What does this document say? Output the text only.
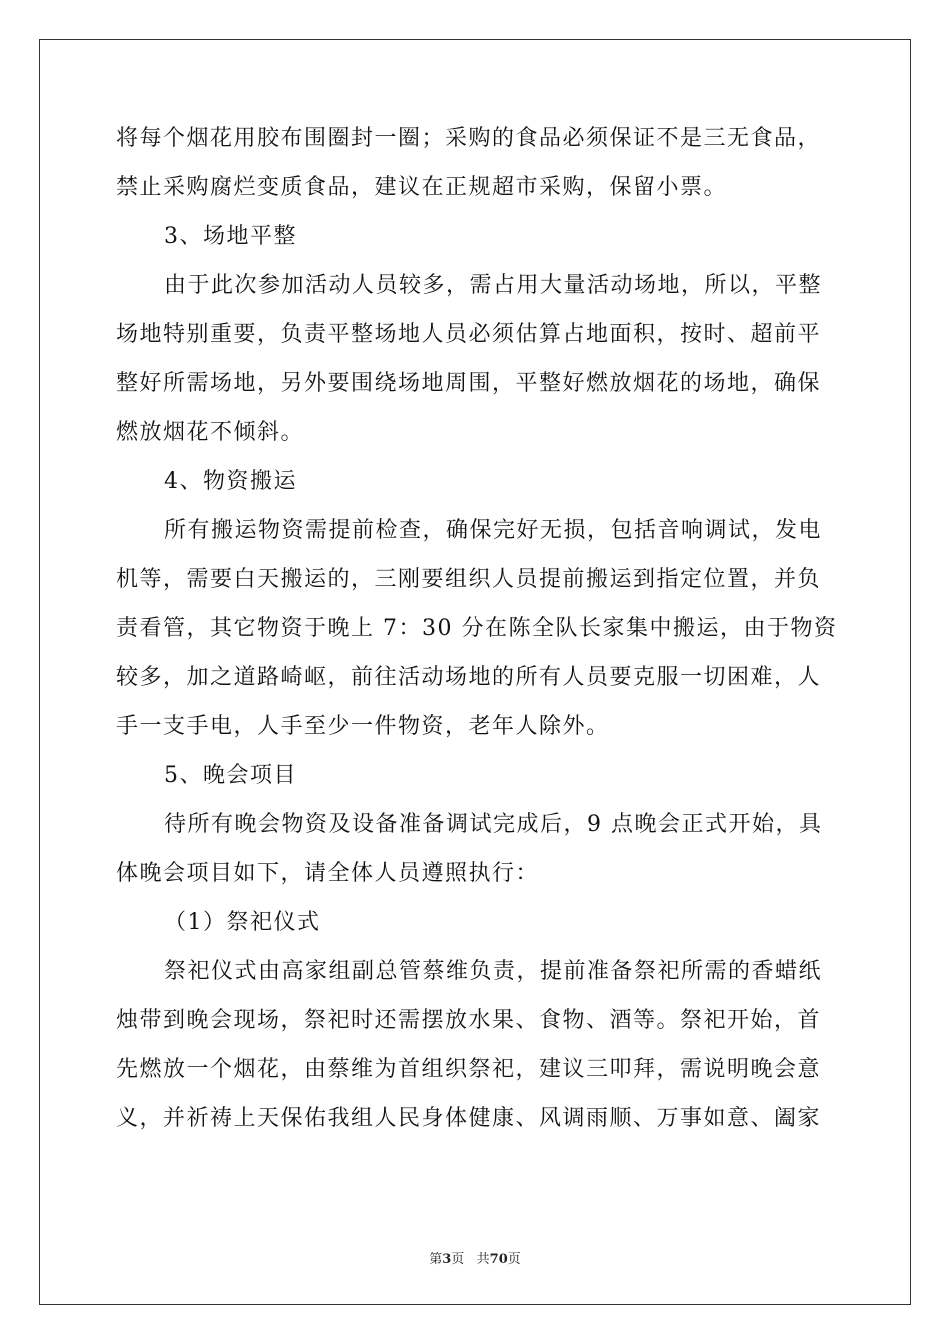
将每个烟花用胶布围圈封一圈；采购的食品必须保证不是三无食品，
禁止采购腐烂变质食品，建议在正规超市采购，保留小票。
3、场地平整
由于此次参加活动人员较多，需占用大量活动场地，所以，平整
场地特别重要，负责平整场地人员必须估算占地面积，按时、超前平
整好所需场地，另外要围绕场地周围，平整好燃放烟花的场地，确保
燃放烟花不倾斜。
4、物资搬运
所有搬运物资需提前检查，确保完好无损，包括音响调试，发电
机等，需要白天搬运的，三刚要组织人员提前搬运到指定位置，并负
责看管，其它物资于晚上 7：30 分在陈全队长家集中搬运，由于物资
较多，加之道路崎岖，前往活动场地的所有人员要克服一切困难，人
手一支手电，人手至少一件物资，老年人除外。
5、晚会项目
待所有晚会物资及设备准备调试完成后，9 点晚会正式开始，具
体晚会项目如下，请全体人员遵照执行：
（1）祭祀仪式
祭祀仪式由高家组副总管蔡维负责，提前准备祭祀所需的香蜡纸
烛带到晚会现场，祭祀时还需摆放水果、食物、酒等。祭祀开始，首
先燃放一个烟花，由蔡维为首组织祭祀，建议三叩拜，需说明晚会意
义，并祈祷上天保佑我组人民身体健康、风调雨顺、万事如意、阖家
第3页   共70页
